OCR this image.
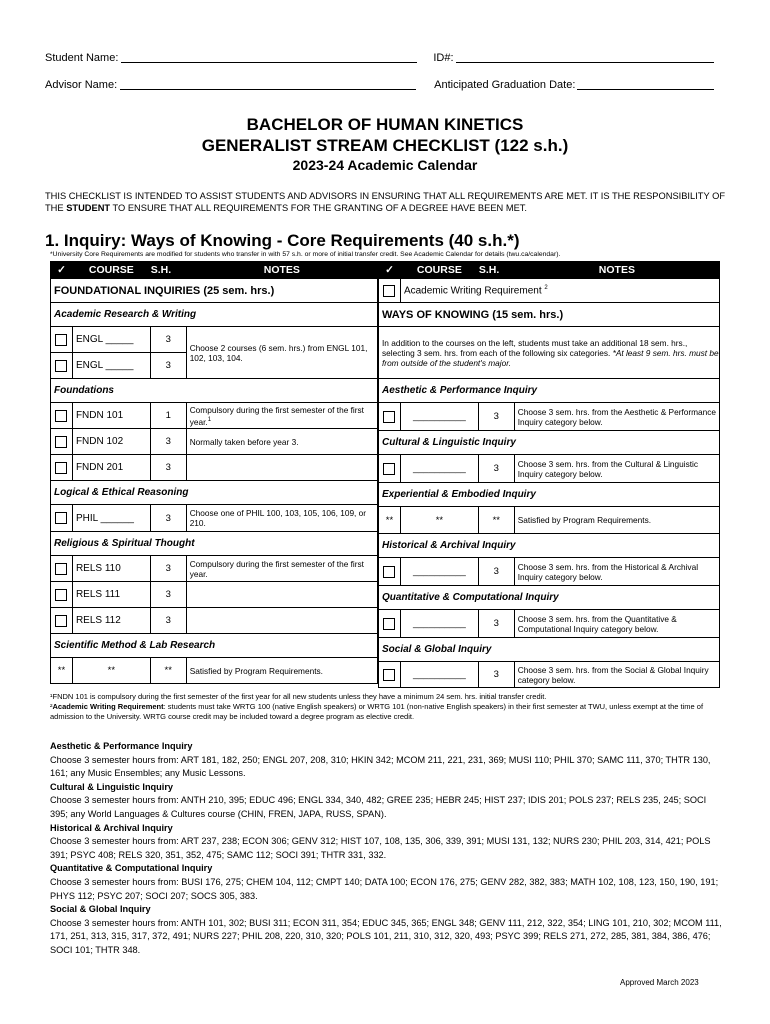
Student Name:	ID#:
Advisor Name:	Anticipated Graduation Date:
BACHELOR OF HUMAN KINETICS
GENERALIST STREAM CHECKLIST (122 s.h.)
2023-24 Academic Calendar
THIS CHECKLIST IS INTENDED TO ASSIST STUDENTS AND ADVISORS IN ENSURING THAT ALL REQUIREMENTS ARE MET. IT IS THE RESPONSIBILITY OF THE STUDENT TO ENSURE THAT ALL REQUIREMENTS FOR THE GRANTING OF A DEGREE HAVE BEEN MET.
1. Inquiry: Ways of Knowing - Core Requirements (40 s.h.*)
*University Core Requirements are modified for students who transfer in with 57 s.h. or more of initial transfer credit. See Academic Calendar for details (twu.ca/calendar).
✓	COURSE	S.H.	NOTES
FOUNDATIONAL INQUIRIES (25 sem. hrs.)			
Academic Research & Writing			
	ENGL _____	3	Choose 2 courses (6 sem. hrs.) from ENGL 101, 102, 103, 104.
	ENGL _____	3	
Foundations			
	FNDN 101	1	Compulsory during the first semester of the first year.$^1$
	FNDN 102	3	Normally taken before year 3.
	FNDN 201	3	
Logical & Ethical Reasoning			
	PHIL ______	3	Choose one of PHIL 100, 103, 105, 106, 109, or 210.
Religious & Spiritual Thought			
	RELS 110	3	Compulsory during the first semester of the first year.
	RELS 111	3	
	RELS 112	3	
Scientific Method & Lab Research			
**	**	**	Satisfied by Program Requirements.
✓	COURSE	S.H.	NOTES
	Academic Writing Requirement $^2$
WAYS OF KNOWING (15 sem. hrs.)			
In addition to the courses on the left, students must take an additional 18 sem. hrs., selecting 3 sem. hrs. from each of the following six categories. *At least 9 sem. hrs. must be from outside of the student's major.			
Aesthetic & Performance Inquiry			
	__________	3	Choose 3 sem. hrs. from the Aesthetic & Performance Inquiry category below.
Cultural & Linguistic Inquiry			
	__________	3	Choose 3 sem. hrs. from the Cultural & Linguistic Inquiry category below.
Experiential & Embodied Inquiry			
**	**	**	Satisfied by Program Requirements.
Historical & Archival Inquiry			
	__________	3	Choose 3 sem. hrs. from the Historical & Archival Inquiry category below.
Quantitative & Computational Inquiry			
	__________	3	Choose 3 sem. hrs. from the Quantitative & Computational Inquiry category below.
Social & Global Inquiry			
	__________	3	Choose 3 sem. hrs. from the Social & Global Inquiry category below.
¹FNDN 101 is compulsory during the first semester of the first year for all new students unless they have a minimum 24 sem. hrs. initial transfer credit.
²Academic Writing Requirement: students must take WRTG 100 (native English speakers) or WRTG 101 (non-native English speakers) in their first semester at TWU, unless exempt at the time of admission to the University. WRTG course credit may be included toward a degree program as elective credit.
Aesthetic & Performance Inquiry
Choose 3 semester hours from: ART 181, 182, 250; ENGL 207, 208, 310; HKIN 342; MCOM 211, 221, 231, 369; MUSI 110; PHIL 370; SAMC 111, 370; THTR 130, 161; any Music Ensembles; any Music Lessons.
Cultural & Linguistic Inquiry
Choose 3 semester hours from: ANTH 210, 395; EDUC 496; ENGL 334, 340, 482; GREE 235; HEBR 245; HIST 237; IDIS 201; POLS 237; RELS 235, 245; SOCI 395; any World Languages & Cultures course (CHIN, FREN, JAPA, RUSS, SPAN).
Historical & Archival Inquiry
Choose 3 semester hours from: ART 237, 238; ECON 306; GENV 312; HIST 107, 108, 135, 306, 339, 391; MUSI 131, 132; NURS 230; PHIL 203, 314, 421; POLS 391; PSYC 408; RELS 320, 351, 352, 475; SAMC 112; SOCI 391; THTR 331, 332.
Quantitative & Computational Inquiry
Choose 3 semester hours from: BUSI 176, 275; CHEM 104, 112; CMPT 140; DATA 100; ECON 176, 275; GENV 282, 382, 383; MATH 102, 108, 123, 150, 190, 191; PHYS 112; PSYC 207; SOCI 207; SOCS 305, 383.
Social & Global Inquiry
Choose 3 semester hours from: ANTH 101, 302; BUSI 311; ECON 311, 354; EDUC 345, 365; ENGL 348; GENV 111, 212, 322, 354; LING 101, 210, 302; MCOM 111, 171, 251, 313, 315, 317, 372, 491; NURS 227; PHIL 208, 220, 310, 320; POLS 101, 211, 310, 312, 320, 493; PSYC 399; RELS 271, 272, 285, 381, 384, 386, 476; SOCI 101; THTR 348.
Approved March 2023
